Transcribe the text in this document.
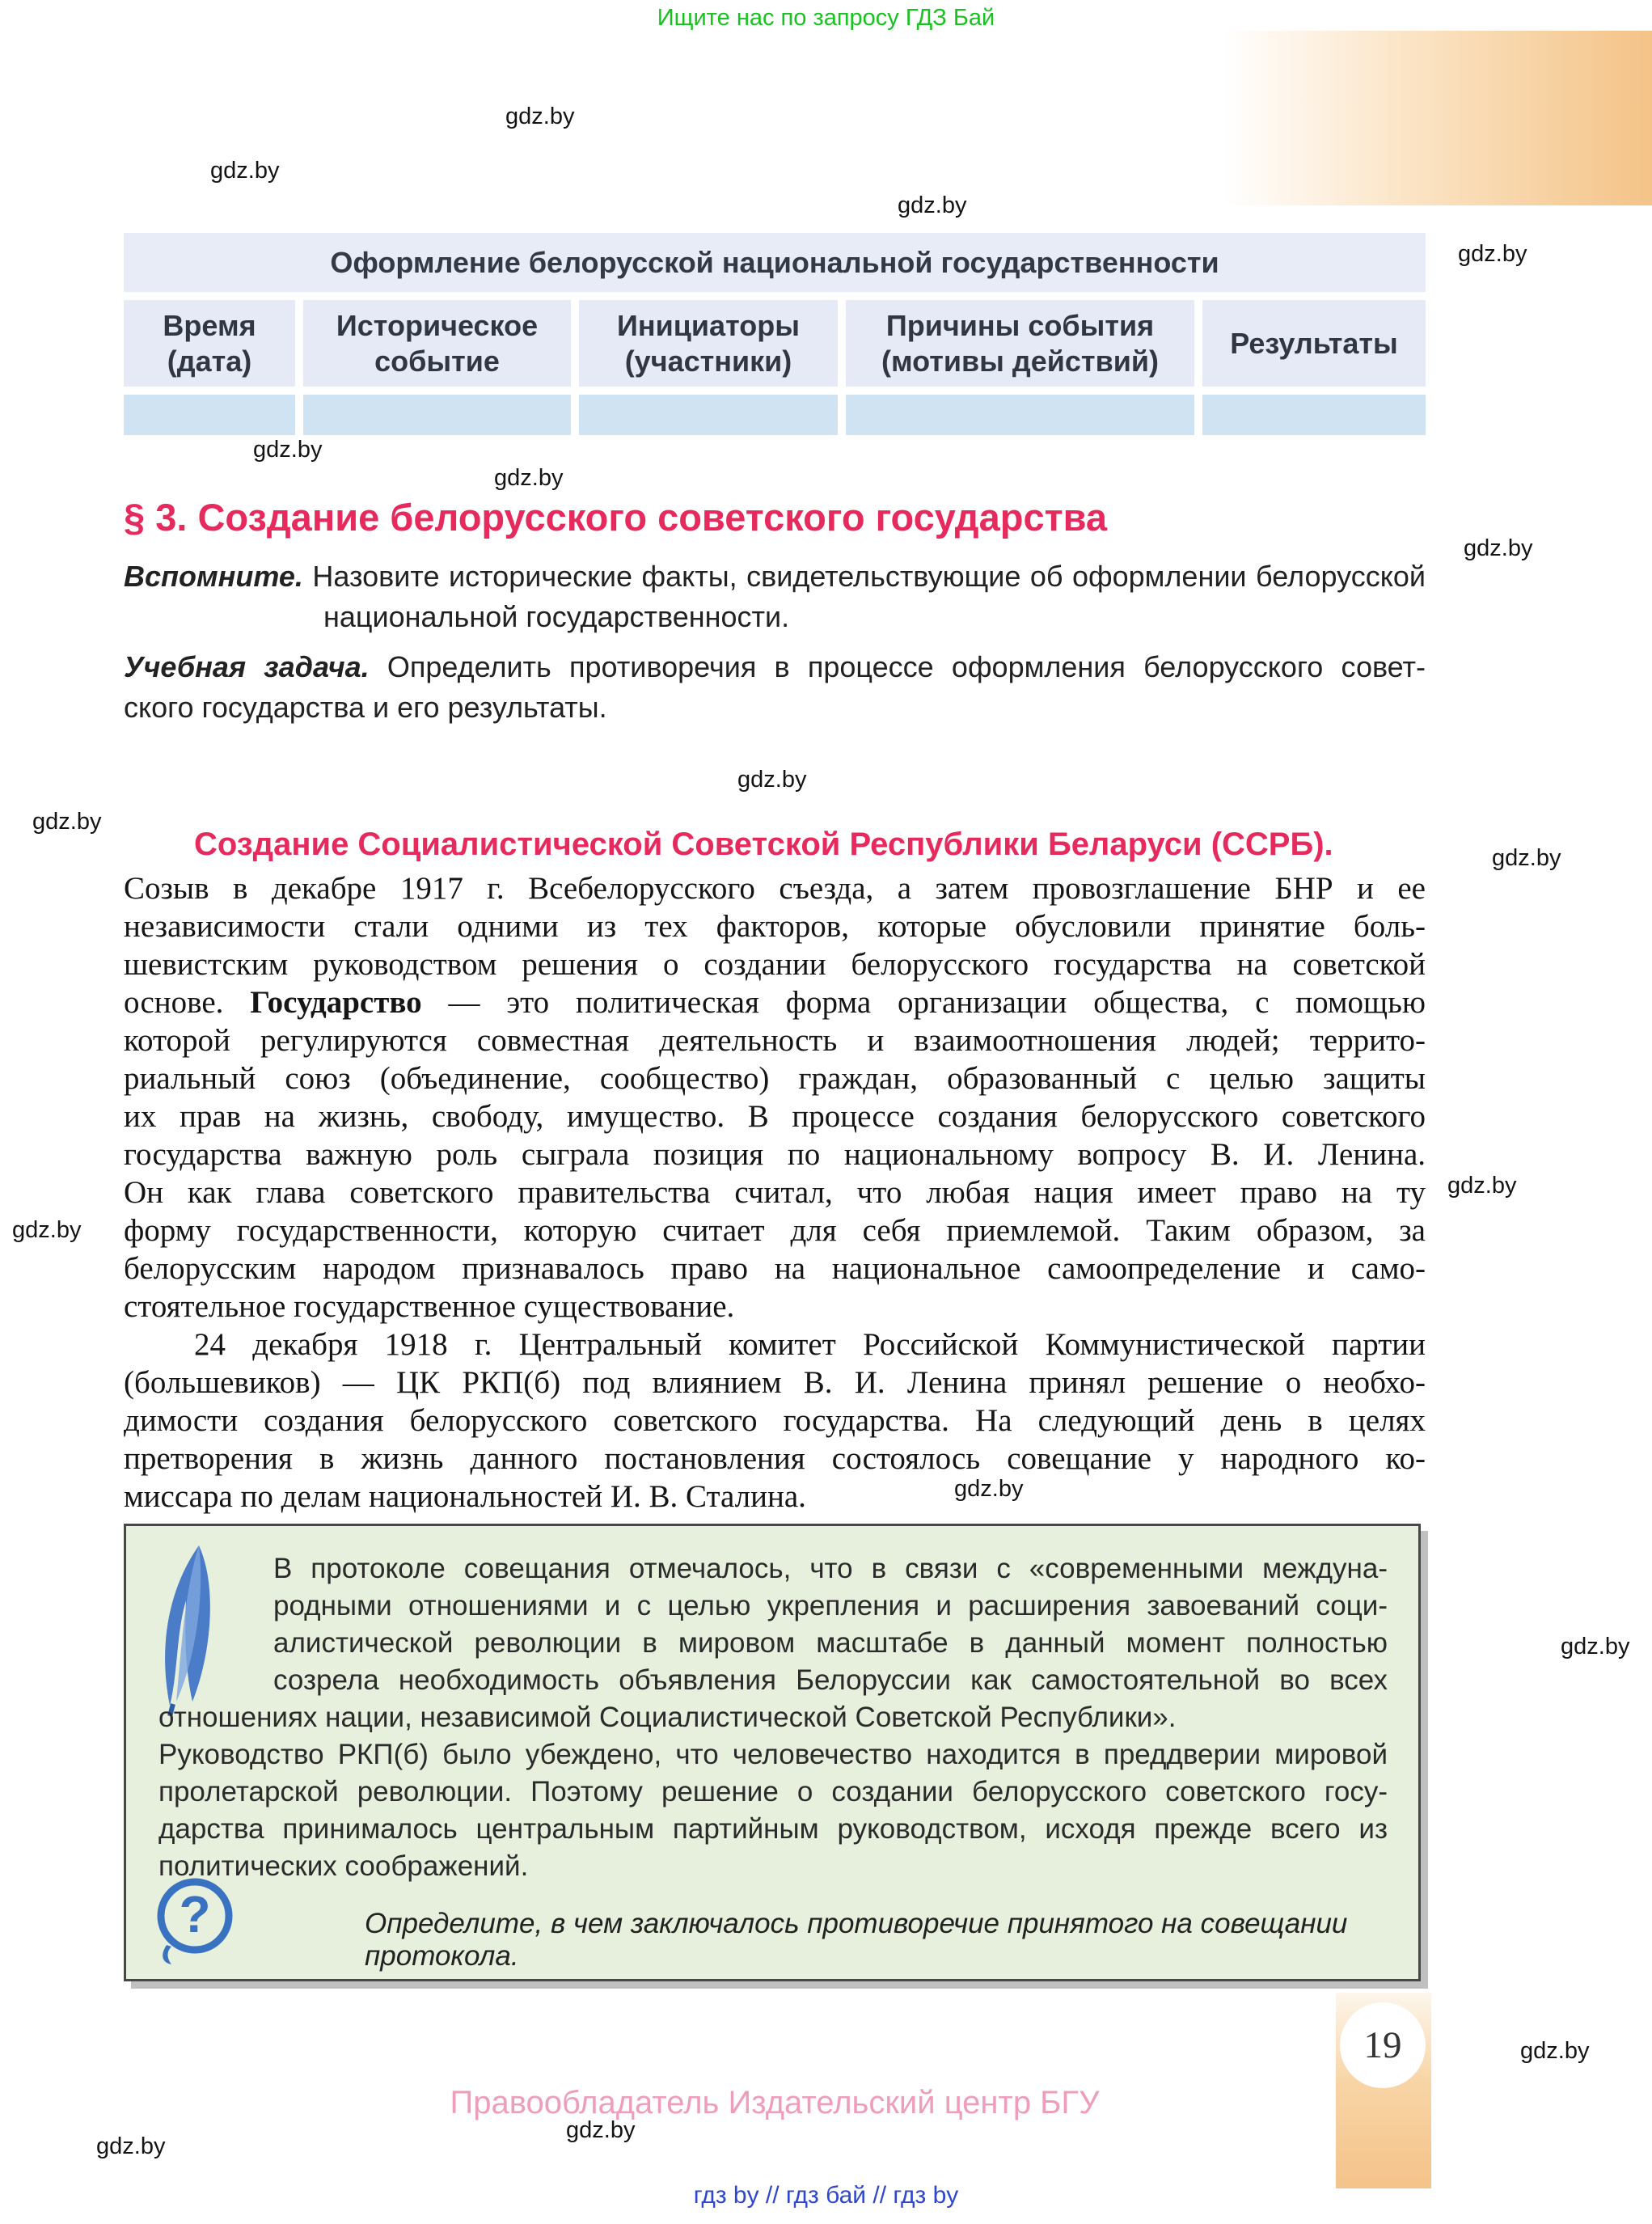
Ищите нас по запросу ГДЗ Бай
gdz.by
gdz.by
gdz.by
gdz.by
gdz.by
gdz.by
gdz.by
gdz.by
gdz.by
gdz.by
gdz.by
gdz.by
gdz.by
gdz.by
gdz.by
gdz.by
gdz.by
Оформление белорусской национальной государственности
Время (дата)
Историческое событие
Инициаторы (участники)
Причины события (мотивы действий)
Результаты
§ 3. Создание белорусского советского государства
Вспомните. Назовите исторические факты, свидетельствующие об оформлении белорусской
национальной государственности.
Учебная задача. Определить противоречия в процессе оформления белорусского совет-
ского государства и его результаты.
Создание Социалистической Советской Республики Беларуси (ССРБ).
Созыв в декабре 1917 г. Всебелорусского съезда, а затем провозглашение БНР и ее
независимости стали одними из тех факторов, которые обусловили принятие боль-
шевистским руководством решения о создании белорусского государства на советской
основе. Государство — это политическая форма организации общества, с помощью
которой регулируются совместная деятельность и взаимоотношения людей; террито-
риальный союз (объединение, сообщество) граждан, образованный с целью защиты
их прав на жизнь, свободу, имущество. В процессе создания белорусского советского
государства важную роль сыграла позиция по национальному вопросу В. И. Ленина.
Он как глава советского правительства считал, что любая нация имеет право на ту
форму государственности, которую считает для себя приемлемой. Таким образом, за
белорусским народом признавалось право на национальное самоопределение и само-
стоятельное государственное существование.
24 декабря 1918 г. Центральный комитет Российской Коммунистической партии
(большевиков) — ЦК РКП(б) под влиянием В. И. Ленина принял решение о необхо-
димости создания белорусского советского государства. На следующий день в целях
претворения в жизнь данного постановления состоялось совещание у народного ко-
миссара по делам национальностей И. В. Сталина.
В протоколе совещания отмечалось, что в связи с «современными междуна-
родными отношениями и с целью укрепления и расширения завоеваний соци-
алистической революции в мировом масштабе в данный момент полностью
созрела необходимость объявления Белоруссии как самостоятельной во всех
отношениях нации, независимой Социалистической Советской Республики».
Руководство РКП(б) было убеждено, что человечество находится в преддверии мировой
пролетарской революции. Поэтому решение о создании белорусского советского госу-
дарства принималось центральным партийным руководством, исходя прежде всего из
политических соображений.
?	Определите, в чем заключалось противоречие принятого на совещании протокола.
Правообладатель Издательский центр БГУ
19
гдз by // гдз бай // гдз by
